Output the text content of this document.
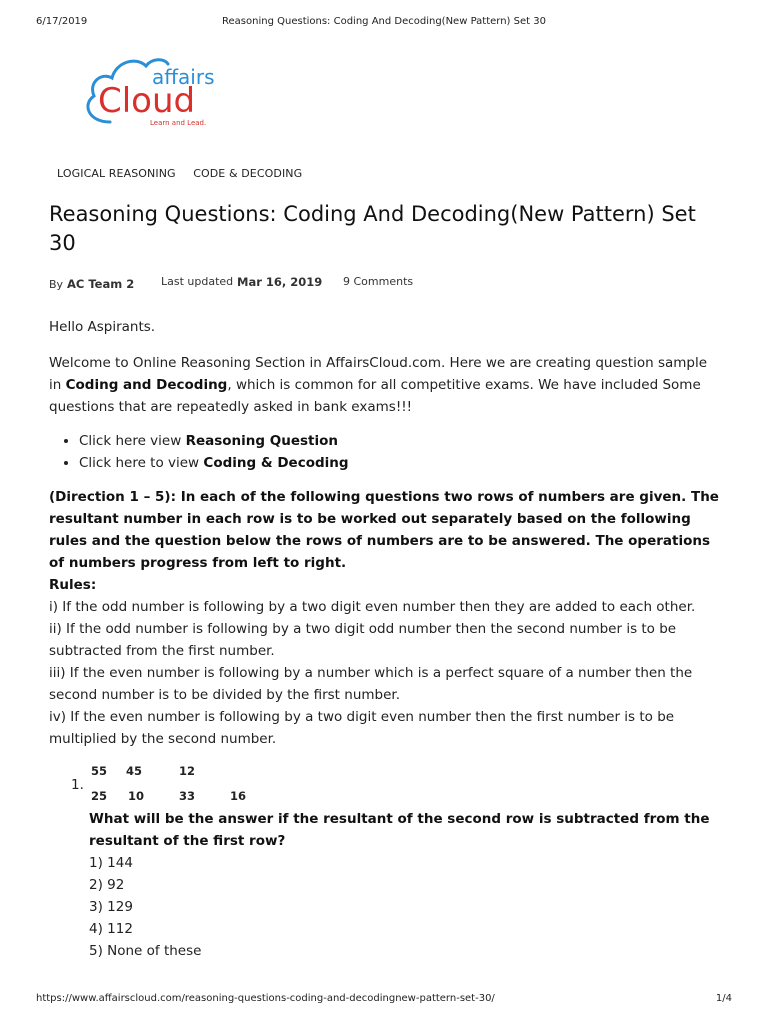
6/17/2019	Reasoning Questions: Coding And Decoding(New Pattern) Set 30
affairs
Cloud
Learn and Lead.
LOGICAL REASONING CODE & DECODING
Reasoning Questions: Coding And Decoding(New Pattern) Set 30
By AC Team 2 Last updated Mar 16, 2019 9 Comments

Hello Aspirants.

Welcome to Online Reasoning Section in AffairsCloud.com. Here we are creating question sample in Coding and Decoding, which is common for all competitive exams. We have included Some questions that are repeatedly asked in bank exams!!!

• Click here view Reasoning Question
• Click here to view Coding & Decoding

(Direction 1 – 5): In each of the following questions two rows of numbers are given. The resultant number in each row is to be worked out separately based on the following rules and the question below the rows of numbers are to be answered. The operations of numbers progress from left to right.

Rules:

i) If the odd number is following by a two digit even number then they are added to each other.

ii) If the odd number is following by a two digit odd number then the second number is to be subtracted from the first number.

iii) If the even number is following by a number which is a perfect square of a number then the second number is to be divided by the first number.

iv) If the even number is following by a two digit even number then the first number is to be multiplied by the second number.

1.
55 45	12
25 10	33	16

What will be the answer if the resultant of the second row is subtracted from the resultant of the first row?

1) 144

2) 92

3) 129

4) 112

5) None of these

https://www.affairscloud.com/reasoning-questions-coding-and-decodingnew-pattern-set-30/	1/4
